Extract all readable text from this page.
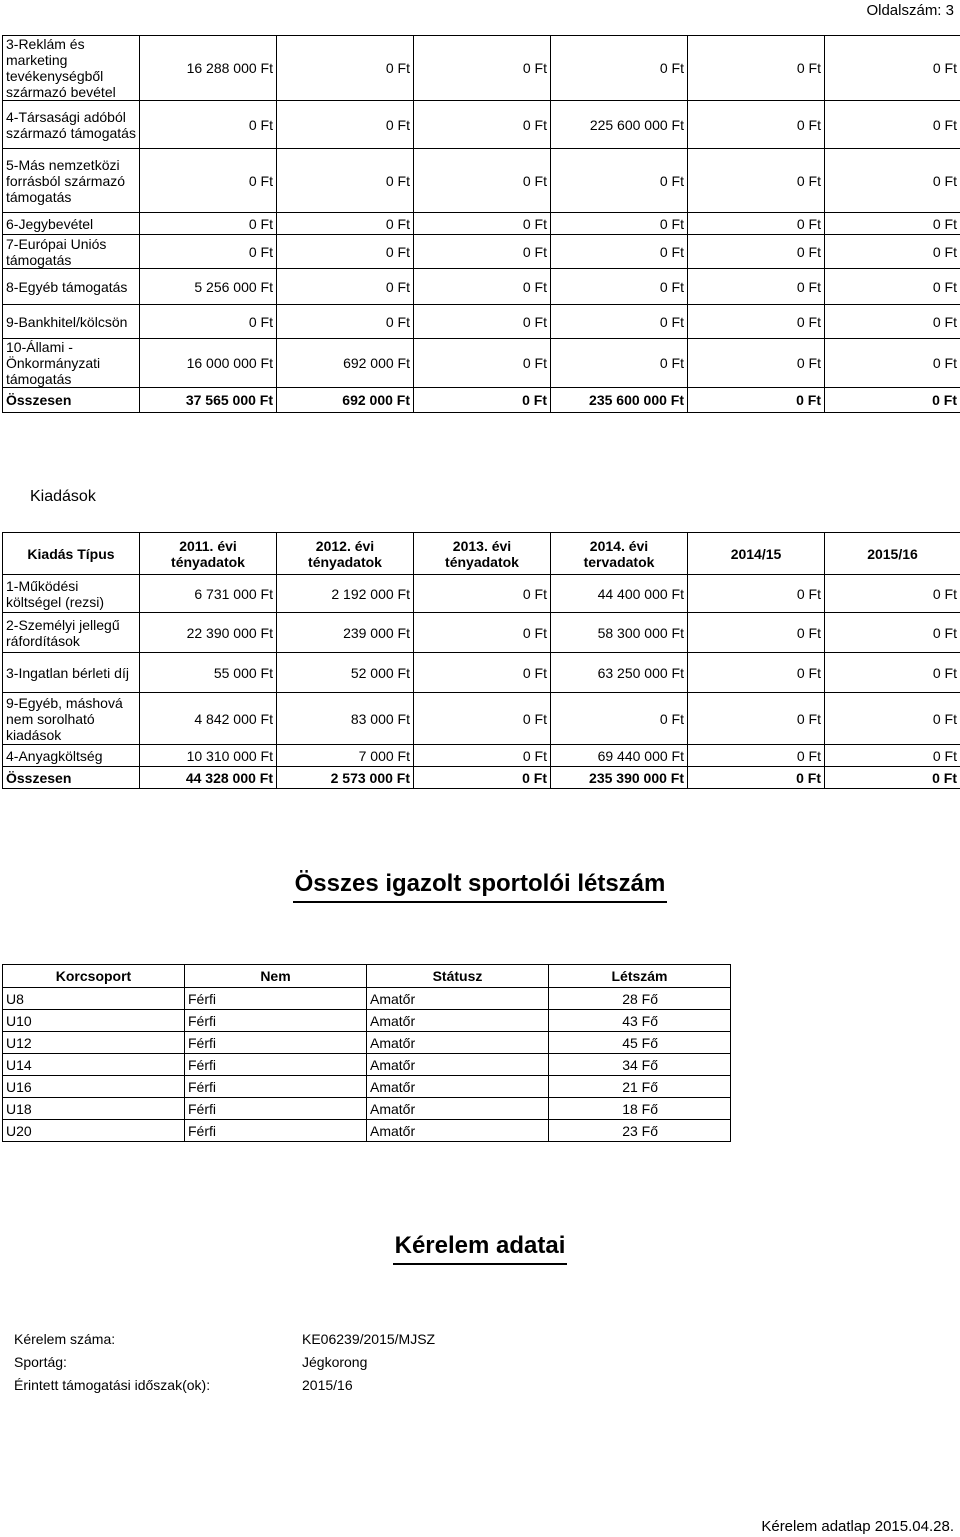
Oldalszám: 3
3-Reklám és marketing tevékenységből származó bevétel	16 288 000 Ft	0 Ft	0 Ft	0 Ft	0 Ft	0 Ft
4-Társasági adóból származó támogatás	0 Ft	0 Ft	0 Ft	225 600 000 Ft	0 Ft	0 Ft
5-Más nemzetközi forrásból származó támogatás	0 Ft	0 Ft	0 Ft	0 Ft	0 Ft	0 Ft
6-Jegybevétel	0 Ft	0 Ft	0 Ft	0 Ft	0 Ft	0 Ft
7-Európai Uniós támogatás	0 Ft	0 Ft	0 Ft	0 Ft	0 Ft	0 Ft
8-Egyéb támogatás	5 256 000 Ft	0 Ft	0 Ft	0 Ft	0 Ft	0 Ft
9-Bankhitel/kölcsön	0 Ft	0 Ft	0 Ft	0 Ft	0 Ft	0 Ft
10-Állami - Önkormányzati támogatás	16 000 000 Ft	692 000 Ft	0 Ft	0 Ft	0 Ft	0 Ft
Összesen	37 565 000 Ft	692 000 Ft	0 Ft	235 600 000 Ft	0 Ft	0 Ft
Kiadások
Kiadás Típus	2011. évi tényadatok	2012. évi tényadatok	2013. évi tényadatok	2014. évi tervadatok	2014/15	2015/16
1-Működési költségel (rezsi)	6 731 000 Ft	2 192 000 Ft	0 Ft	44 400 000 Ft	0 Ft	0 Ft
2-Személyi jellegű ráfordítások	22 390 000 Ft	239 000 Ft	0 Ft	58 300 000 Ft	0 Ft	0 Ft
3-Ingatlan bérleti díj	55 000 Ft	52 000 Ft	0 Ft	63 250 000 Ft	0 Ft	0 Ft
9-Egyéb, máshová nem sorolható kiadások	4 842 000 Ft	83 000 Ft	0 Ft	0 Ft	0 Ft	0 Ft
4-Anyagköltség	10 310 000 Ft	7 000 Ft	0 Ft	69 440 000 Ft	0 Ft	0 Ft
Összesen	44 328 000 Ft	2 573 000 Ft	0 Ft	235 390 000 Ft	0 Ft	0 Ft
Összes igazolt sportolói létszám
Korcsoport	Nem	Státusz	Létszám
U8	Férfi	Amatőr	28 Fő
U10	Férfi	Amatőr	43 Fő
U12	Férfi	Amatőr	45 Fő
U14	Férfi	Amatőr	34 Fő
U16	Férfi	Amatőr	21 Fő
U18	Férfi	Amatőr	18 Fő
U20	Férfi	Amatőr	23 Fő
Kérelem adatai
Kérelem száma:	KE06239/2015/MJSZ
Sportág:	Jégkorong
Érintett támogatási időszak(ok):	2015/16
Kérelem adatlap 2015.04.28.
